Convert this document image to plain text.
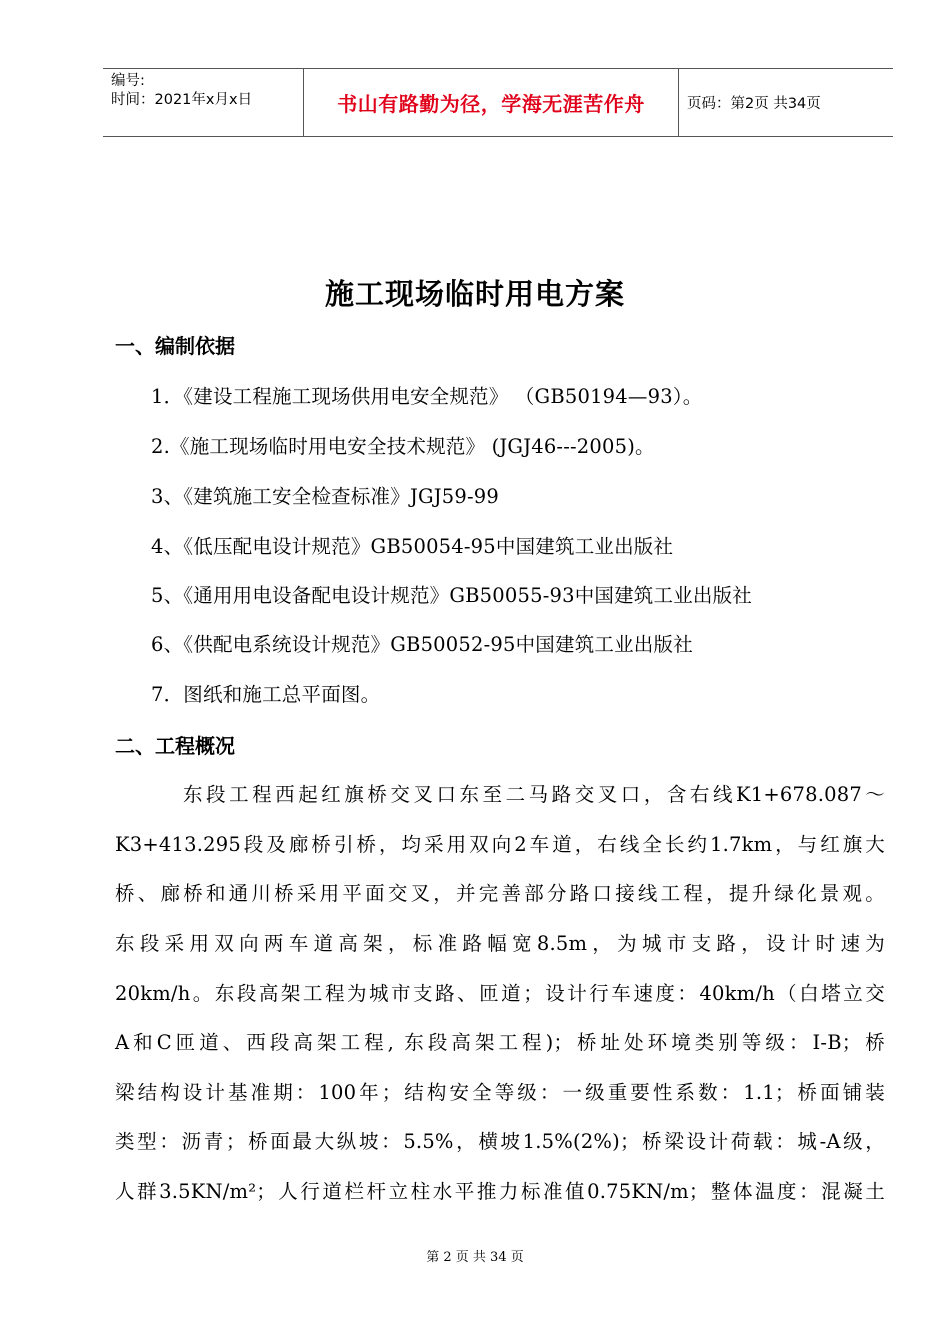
编号:
时间：2021年x月x日	书山有路勤为径，学海无涯苦作舟	页码：第2页 共34页
施工现场临时用电方案
一、编制依据
1．《建设工程施工现场供用电安全规范》 （GB50194—93）。
2.《施工现场临时用电安全技术规范》 (JGJ46---2005)。
3、《建筑施工安全检查标准》JGJ59-99
4、《低压配电设计规范》GB50054-95中国建筑工业出版社
5、《通用用电设备配电设计规范》GB50055-93中国建筑工业出版社
6、《供配电系统设计规范》GB50052-95中国建筑工业出版社
7．图纸和施工总平面图。
二、工程概况
东段工程西起红旗桥交叉口东至二马路交叉口，含右线K1+678.087～
K3+413.295段及廊桥引桥，均采用双向2车道，右线全长约1.7km，与红旗大
桥、廊桥和通川桥采用平面交叉，并完善部分路口接线工程，提升绿化景观。
东段采用双向两车道高架，标准路幅宽8.5m，为城市支路，设计时速为
20km/h。东段高架工程为城市支路、匝道；设计行车速度：40km/h（白塔立交
A和C匝道、西段高架工程, 东段高架工程)；桥址处环境类别等级：I-B；桥
梁结构设计基准期：100年；结构安全等级：一级重要性系数：1.1；桥面铺装
类型：沥青；桥面最大纵坡：5.5%，横坡1.5%(2%)；桥梁设计荷载：城-A级，
人群3.5KN/m²；人行道栏杆立柱水平推力标准值0.75KN/m；整体温度：混凝土
第 2 页 共 34 页
